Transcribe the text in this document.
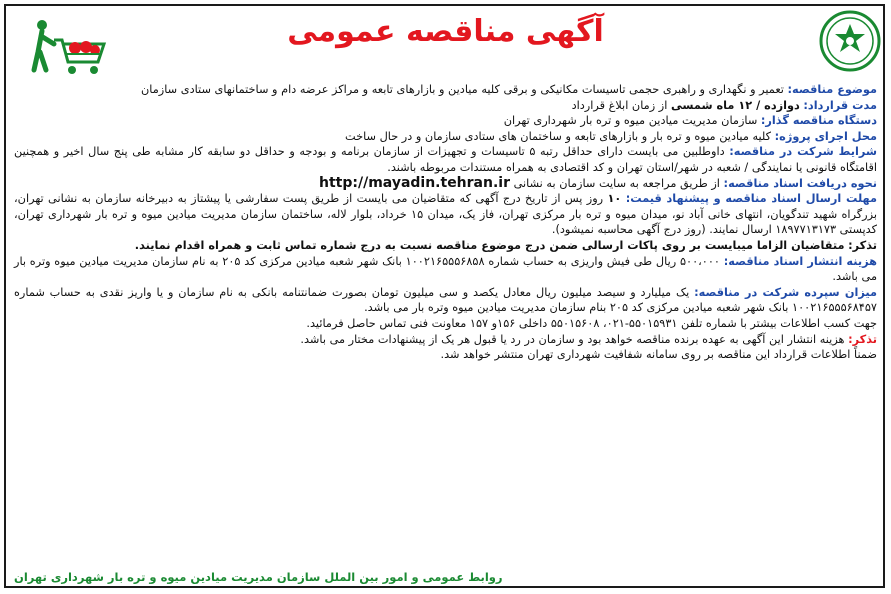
آگهی مناقصه عمومی

موضوع مناقصه: تعمیر و نگهداری و راهبری حجمی تاسیسات مکانیکی و برقی کلیه میادین و بازارهای تابعه و مراکز عرضه دام و ساختمانهای ستادی سازمان

مدت قرارداد: دوازده / ۱۲ ماه شمسی از زمان ابلاغ قرارداد

دستگاه مناقصه گذار: سازمان مدیریت میادین میوه و تره بار شهرداری تهران

محل اجرای پروژه: کلیه میادین میوه و تره بار و بازارهای تابعه و ساختمان های ستادی سازمان و در حال ساخت

شرایط شرکت در مناقصه: داوطلبین می بایست دارای حداقل رتبه ۵ تاسیسات و تجهیزات از سازمان برنامه و بودجه و حداقل دو سابقه کار مشابه طی پنج سال اخیر و همچنین اقامتگاه قانونی یا نمایندگی / شعبه در شهر/استان تهران و کد اقتصادی به همراه مستندات مربوطه باشند.

نحوه دریافت اسناد مناقصه: از طریق مراجعه به سایت سازمان به نشانی http://mayadin.tehran.ir

مهلت ارسال اسناد مناقصه و پیشنهاد قیمت: ۱۰ روز پس از تاریخ درج آگهی که متقاضیان می بایست از طریق پست سفارشی یا پیشتاز به دبیرخانه سازمان به نشانی تهران، بزرگراه شهید تندگویان، انتهای خانی آباد نو، میدان میوه و تره بار مرکزی تهران، فاز یک، میدان ۱۵ خرداد، بلوار لاله، ساختمان سازمان مدیریت میادین میوه و تره بار شهرداری تهران، کدپستی ۱۸۹۷۷۱۳۱۷۳ ارسال نمایند. (روز درج آگهی محاسبه نمیشود).

تذکر: متقاضیان الزاما میبایست بر روی پاکات ارسالی ضمن درج موضوع مناقصه نسبت به درج شماره تماس ثابت و همراه اقدام نمایند.

هزینه انتشار اسناد مناقصه: ۵۰۰،۰۰۰ ریال طی فیش واریزی به حساب شماره ۱۰۰۲۱۶۵۵۵۶۸۵۸ بانک شهر شعبه میادین مرکزی کد ۲۰۵ به نام سازمان مدیریت میادین میوه وتره بار می باشد.

میزان سپرده شرکت در مناقصه: یک میلیارد و سیصد میلیون ریال معادل یکصد و سی میلیون تومان بصورت ضمانتنامه بانکی به نام سازمان و یا واریز نقدی به حساب شماره ۱۰۰۲۱۶۵۵۵۶۸۴۵۷ بانک شهر شعبه میادین مرکزی کد ۲۰۵ بنام سازمان مدیریت میادین میوه وتره بار می باشد.

جهت کسب اطلاعات بیشتر با شماره تلفن ۵۵۰۱۵۹۳۱-۰۲۱، ۵۵۰۱۵۶۰۸ داخلی ۱۵۶و ۱۵۷ معاونت فنی تماس حاصل فرمائید.

تذکر: هزینه انتشار این آگهی به عهده برنده مناقصه خواهد بود و سازمان در رد یا قبول هر یک از پیشنهادات مختار می باشد.

ضمناً اطلاعات قرارداد این مناقصه بر روی سامانه شفافیت شهرداری تهران منتشر خواهد شد.

روابط عمومی و امور بین الملل سازمان مدیریت میادین میوه و تره بار شهرداری تهران
